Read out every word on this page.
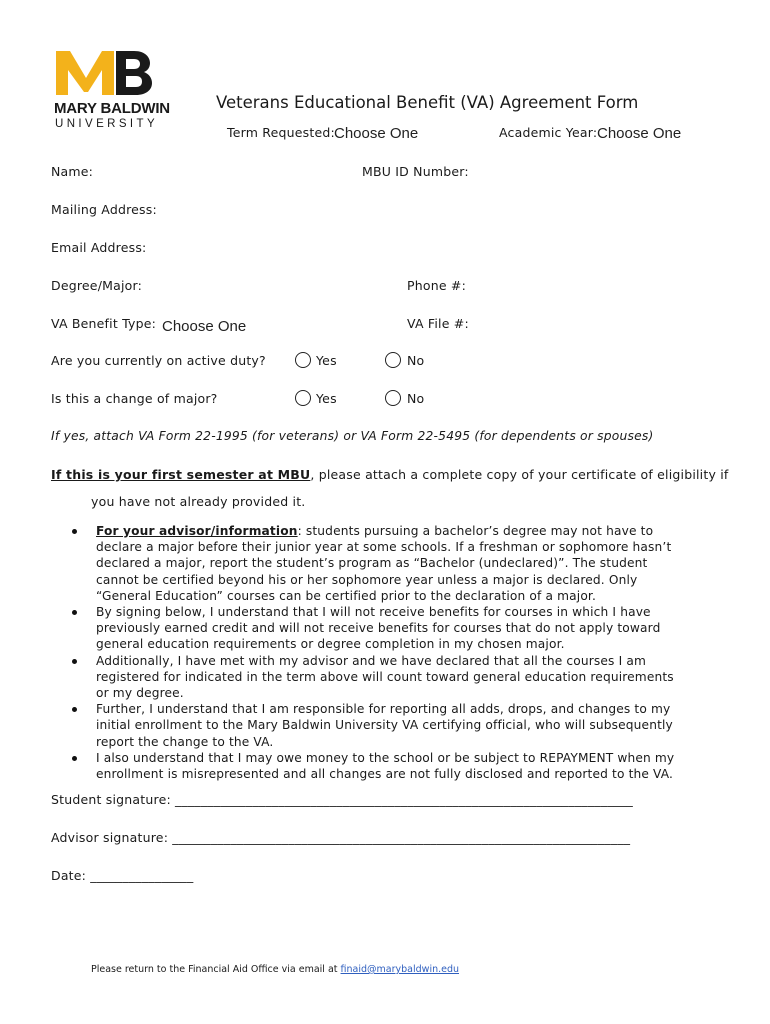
MARY BALDWIN
UNIVERSITY
Veterans Educational Benefit (VA) Agreement Form
Term Requested: Choose One	Academic Year: Choose One
Name:	MBU ID Number:
Mailing Address:
Email Address:
Degree/Major:	Phone #:
VA Benefit Type: Choose One	VA File #:
Are you currently on active duty?	Yes	No
Is this a change of major?	Yes	No
If yes, attach VA Form 22-1995 (for veterans) or VA Form 22-5495 (for dependents or spouses)
If this is your first semester at MBU, please attach a complete copy of your certificate of eligibility if
you have not already provided it.
For your advisor/information: students pursuing a bachelor’s degree may not have to declare a major before their junior year at some schools. If a freshman or sophomore hasn’t declared a major, report the student’s program as “Bachelor (undeclared)”. The student cannot be certified beyond his or her sophomore year unless a major is declared. Only “General Education” courses can be certified prior to the declaration of a major.
By signing below, I understand that I will not receive benefits for courses in which I have previously earned credit and will not receive benefits for courses that do not apply toward general education requirements or degree completion in my chosen major.
Additionally, I have met with my advisor and we have declared that all the courses I am registered for indicated in the term above will count toward general education requirements or my degree.
Further, I understand that I am responsible for reporting all adds, drops, and changes to my initial enrollment to the Mary Baldwin University VA certifying official, who will subsequently report the change to the VA.
I also understand that I may owe money to the school or be subject to REPAYMENT when my enrollment is misrepresented and all changes are not fully disclosed and reported to the VA.
Student signature: _______________________________________________________________________
Advisor signature: _______________________________________________________________________
Date: ________________
Please return to the Financial Aid Office via email at finaid@marybaldwin.edu
